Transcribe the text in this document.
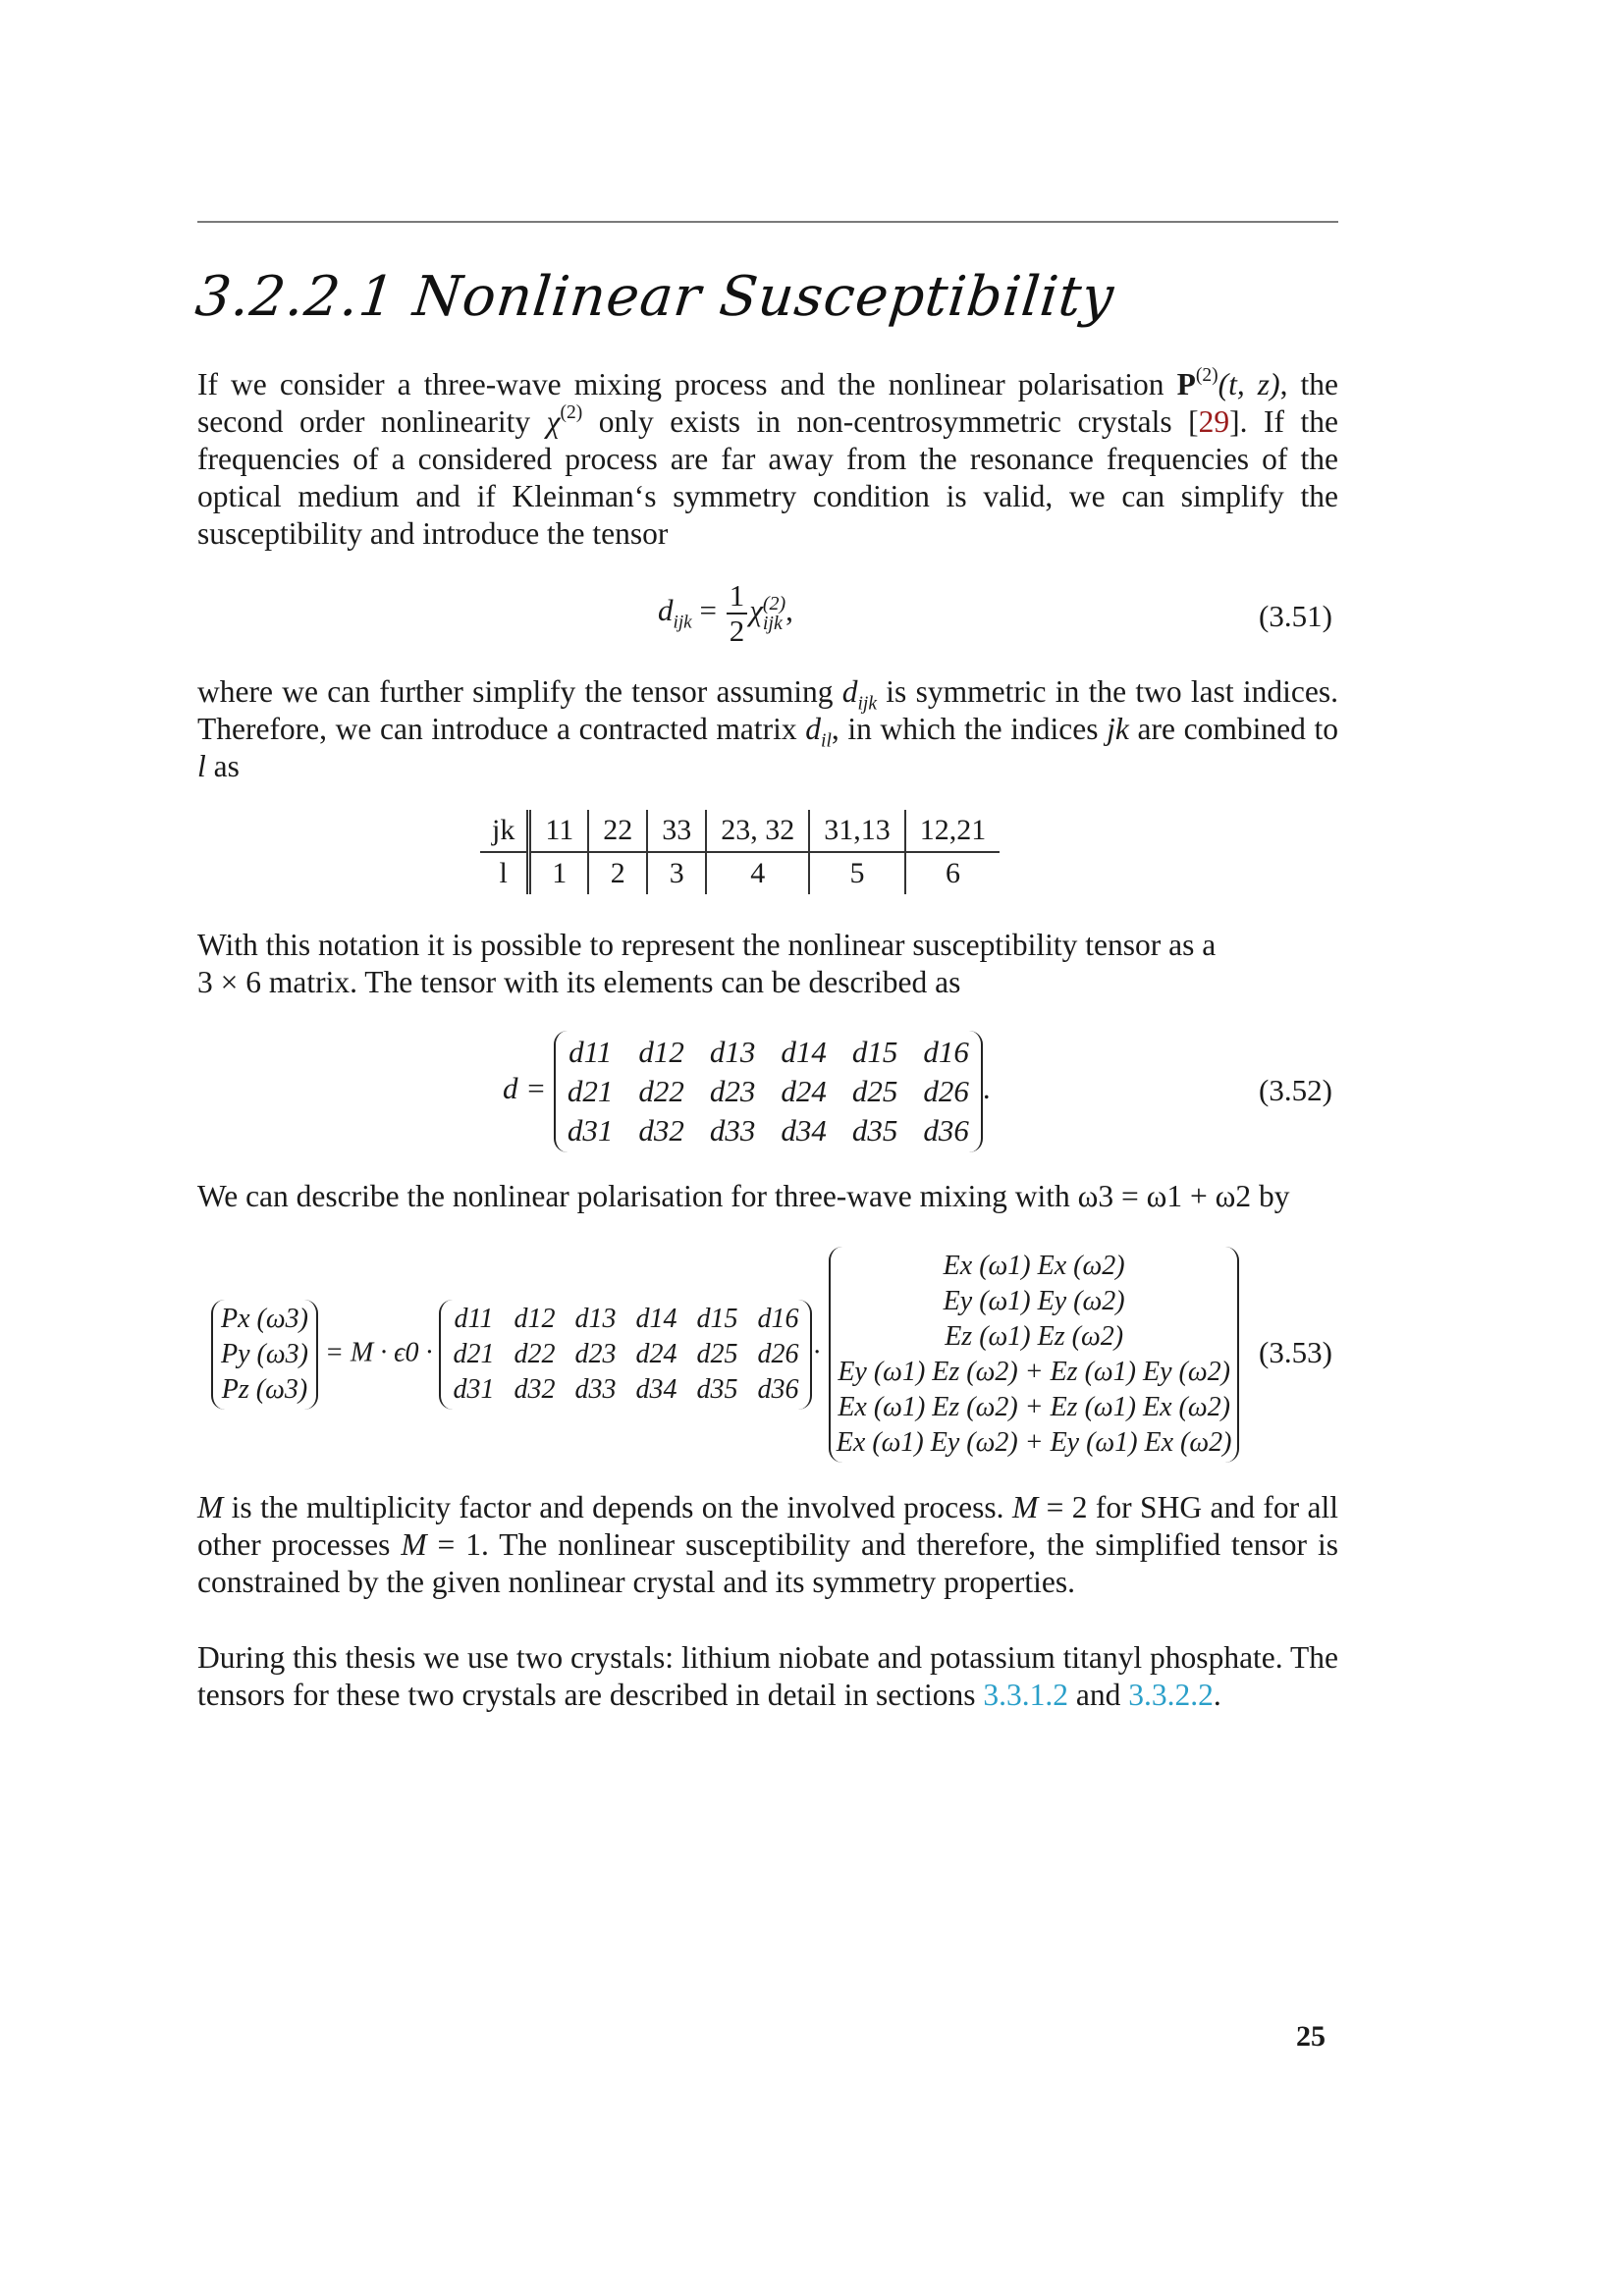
3.2.2.1 Nonlinear Susceptibility

If we consider a three-wave mixing process and the nonlinear polarisation $P^{(2)}(t$, z), the second order nonlinearity $\chi^{(2)}$ only exists in non-centrosymmetric crystals [29]. If the frequencies of a considered process are far away from the resonance frequencies of the optical medium and if Kleinman‘s symmetry condition is valid, we can simplify the susceptibility and introduce the tensor

$d_{ijk} = \frac{1}{2}$ χ (2)
ijk ,	(3.51)

where we can further simplify the tensor assuming $d_{ijk}$ is symmetric in the two last indices. Therefore, we can introduce a contracted matrix $d_{il}$, in which the indices jk are combined to l as

jk	11	22	33	23, 32	31,13	12,21
l	1	2	3	4	5	6

With this notation it is possible to represent the nonlinear susceptibility tensor as a
3 × 6 matrix. The tensor with its elements can be described as

d =
d11 d12 d13 d14 d15 d16
d21 d22 d23 d24 d25 d26
d31 d32 d33 d34 d35 d36
.	(3.52)

We can describe the nonlinear polarisation for three-wave mixing with ω3 = ω1 + ω2 by

Px (ω3)
Py (ω3)
Pz (ω3)
= M · ϵ0 ·
d11 d12 d13 d14 d15 d16
d21 d22 d23 d24 d25 d26
d31 d32 d33 d34 d35 d36
·
Ex (ω1) Ex (ω2)
Ey (ω1) Ey (ω2)
Ez (ω1) Ez (ω2)
Ey (ω1) Ez (ω2) + Ez (ω1) Ey (ω2)
Ex (ω1) Ez (ω2) + Ez (ω1) Ex (ω2)
Ex (ω1) Ey (ω2) + Ey (ω1) Ex (ω2)
(3.53)

M is the multiplicity factor and depends on the involved process. M = 2 for SHG and for all other processes M = 1. The nonlinear susceptibility and therefore, the simplified tensor is constrained by the given nonlinear crystal and its symmetry properties.

During this thesis we use two crystals: lithium niobate and potassium titanyl phosphate. The tensors for these two crystals are described in detail in sections 3.3.1.2 and 3.3.2.2.

25
